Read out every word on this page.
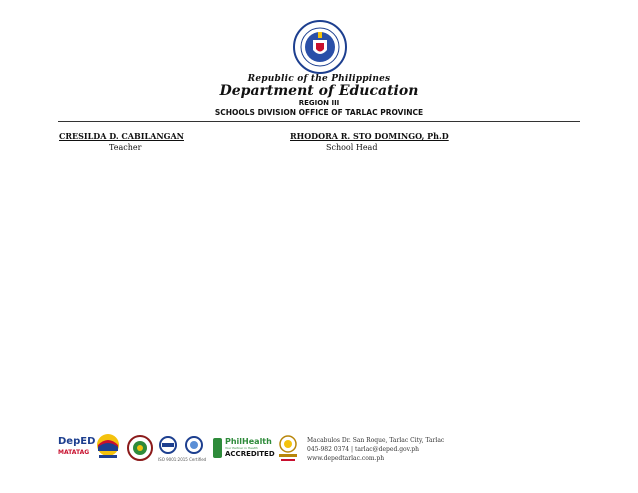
Republic of the Philippines
Department of Education
REGION III
SCHOOLS DIVISION OFFICE OF TARLAC PROVINCE
CRESILDA D. CABILANGAN
Teacher
RHODORA R. STO DOMINGO, Ph.D
School Head
DepED
MATATAG
ISO 9001:2015 Certified
PhilHealth
Your Partner in Health
ACCREDITED
Macabulos Dr. San Roque, Tarlac City, Tarlac
045-982 0374 | tarlac@deped.gov.ph
www.depedtarlac.com.ph
